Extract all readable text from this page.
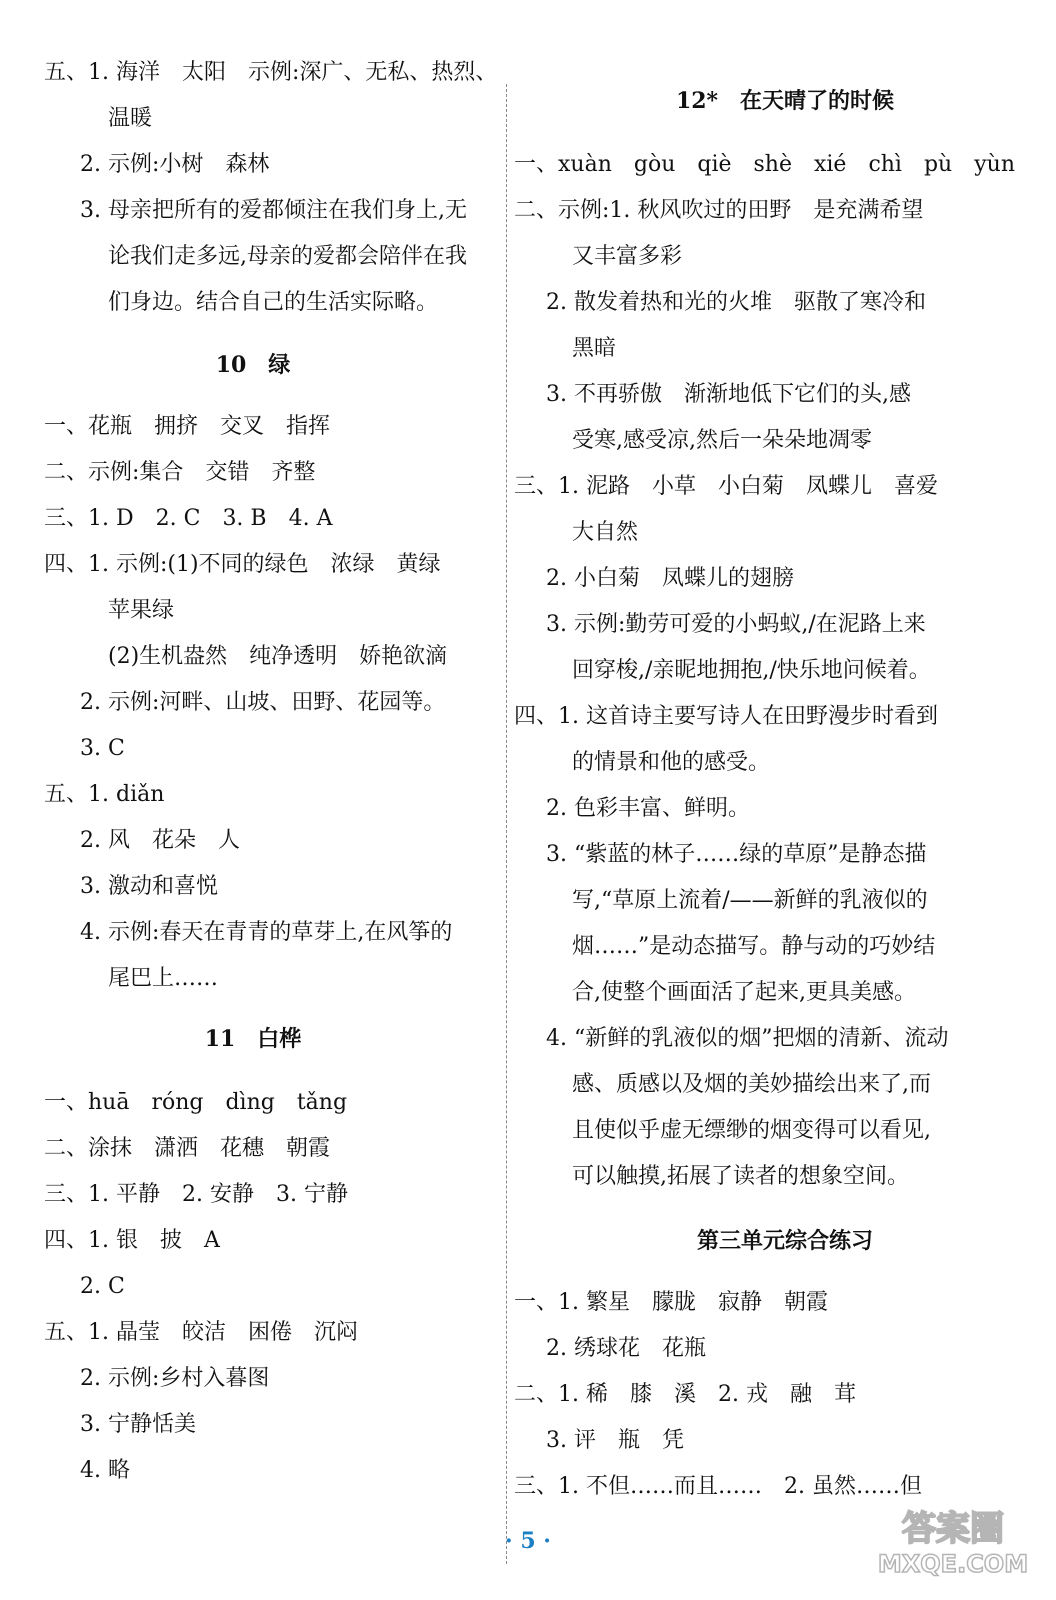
五、1. 海洋　太阳　示例:深广、无私、热烈、
温暖
2. 示例:小树　森林
3. 母亲把所有的爱都倾注在我们身上,无
论我们走多远,母亲的爱都会陪伴在我
们身边。结合自己的生活实际略。
10　绿
一、花瓶　拥挤　交叉　指挥
二、示例:集合　交错　齐整
三、1. D　2. C　3. B　4. A
四、1. 示例:(1)不同的绿色　浓绿　黄绿
苹果绿
(2)生机盎然　纯净透明　娇艳欲滴
2. 示例:河畔、山坡、田野、花园等。
3. C
五、1. diǎn
2. 风　花朵　人
3. 激动和喜悦
4. 示例:春天在青青的草芽上,在风筝的
尾巴上……
11　白桦
一、huā　róng　dìng　tǎng
二、涂抹　潇洒　花穗　朝霞
三、1. 平静　2. 安静　3. 宁静
四、1. 银　披　A
2. C
五、1. 晶莹　皎洁　困倦　沉闷
2. 示例:乡村入暮图
3. 宁静恬美
4. 略
12*　在天晴了的时候
一、xuàn　gòu　qiè　shè　xié　chì　pù　yùn
二、示例:1. 秋风吹过的田野　是充满希望
又丰富多彩
2. 散发着热和光的火堆　驱散了寒冷和
黑暗
3. 不再骄傲　渐渐地低下它们的头,感
受寒,感受凉,然后一朵朵地凋零
三、1. 泥路　小草　小白菊　凤蝶儿　喜爱
大自然
2. 小白菊　凤蝶儿的翅膀
3. 示例:勤劳可爱的小蚂蚁,/在泥路上来
回穿梭,/亲昵地拥抱,/快乐地问候着。
四、1. 这首诗主要写诗人在田野漫步时看到
的情景和他的感受。
2. 色彩丰富、鲜明。
3. “紫蓝的林子……绿的草原”是静态描
写,“草原上流着/——新鲜的乳液似的
烟……”是动态描写。静与动的巧妙结
合,使整个画面活了起来,更具美感。
4. “新鲜的乳液似的烟”把烟的清新、流动
感、质感以及烟的美妙描绘出来了,而
且使似乎虚无缥缈的烟变得可以看见,
可以触摸,拓展了读者的想象空间。
第三单元综合练习
一、1. 繁星　朦胧　寂静　朝霞
2. 绣球花　花瓶
二、1. 稀　膝　溪　2. 戎　融　茸
3. 评　瓶　凭
三、1. 不但……而且……　2. 虽然……但
· 5 ·	答案圈
MXQE.COM
